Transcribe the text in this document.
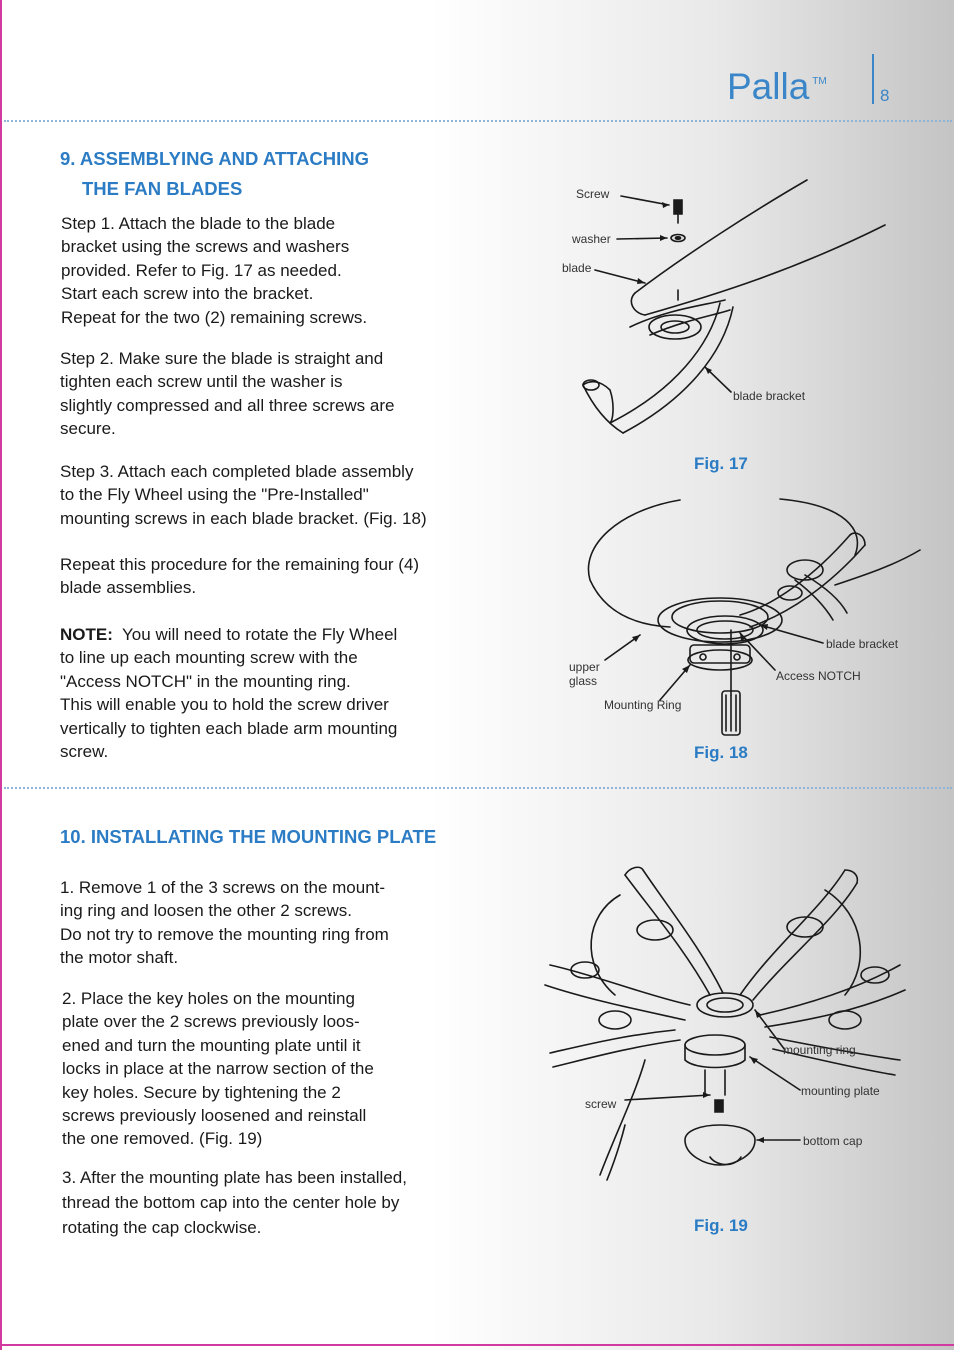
Palla ™
8
9. ASSEMBLYING AND ATTACHING
THE FAN BLADES
Step 1. Attach the blade to the blade
bracket using the screws and washers
provided. Refer to Fig. 17 as needed.
Start each screw into the bracket.
Repeat for the two (2) remaining screws.
Step 2. Make sure the blade is straight and
tighten each screw until the washer is
slightly compressed and all three screws are
secure.
Step 3. Attach each completed blade assembly
to the Fly Wheel using the "Pre-Installed"
mounting screws in each blade bracket. (Fig. 18)
Repeat this procedure for the remaining four (4)
blade assemblies.
NOTE:  You will need to rotate the Fly Wheel
to line up each mounting screw with the
"Access NOTCH" in the mounting ring.
This will enable you to hold the screw driver
vertically to tighten each blade arm mounting
screw.
10. INSTALLATING THE MOUNTING PLATE
1. Remove 1 of the 3 screws on the mount-
ing ring and loosen the other 2 screws.
Do not try to remove the mounting ring from
the motor shaft.
2. Place the key holes on the mounting
plate over the 2 screws previously loos-
ened and turn the mounting plate until it
locks in place at the narrow section of the
key holes. Secure by tightening the 2
screws previously loosened and reinstall
the one removed. (Fig. 19)
3. After the mounting plate has been installed,
thread the bottom cap into the center hole by
rotating the cap clockwise.
Screw
washer
blade
blade bracket
Fig. 17
blade bracket
upper
glass	Access NOTCH
Mounting Ring
Fig. 18
mounting ring
mounting plate
screw
bottom cap
Fig. 19
